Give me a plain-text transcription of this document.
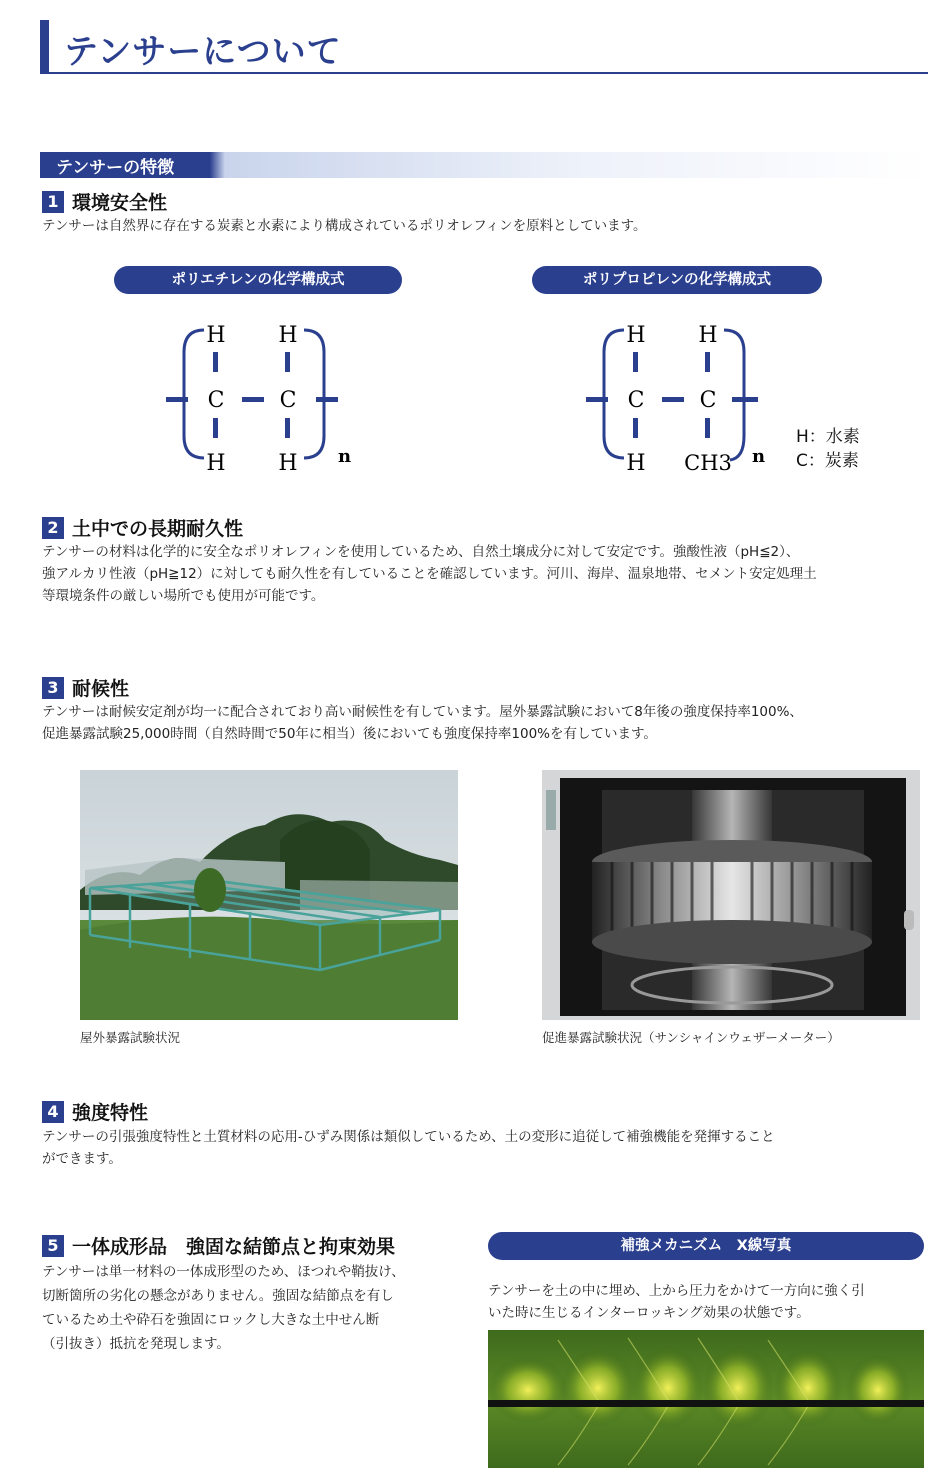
テンサーについて
テンサーの特徴
1 環境安全性
テンサーは自然界に存在する炭素と水素により構成されているポリオレフィンを原料としています。
ポリエチレンの化学構成式	ポリプロピレンの化学構成式
H H
C	C
H H n
H H
C	C
H CH3 n
H：水素
C：炭素
2 土中での長期耐久性
テンサーの材料は化学的に安全なポリオレフィンを使用しているため、自然土壌成分に対して安定です。強酸性液（pH≦2）、
強アルカリ性液（pH≧12）に対しても耐久性を有していることを確認しています。河川、海岸、温泉地帯、セメント安定処理土
等環境条件の厳しい場所でも使用が可能です。
3 耐候性
テンサーは耐候安定剤が均一に配合されており高い耐候性を有しています。屋外暴露試験において8年後の強度保持率100%、
促進暴露試験25,000時間（自然時間で50年に相当）後においても強度保持率100%を有しています。
屋外暴露試験状況	促進暴露試験状況（サンシャインウェザーメーター）
4 強度特性
テンサーの引張強度特性と土質材料の応用-ひずみ関係は類似しているため、土の変形に追従して補強機能を発揮すること
ができます。
5 一体成形品　強固な結節点と拘束効果
テンサーは単一材料の一体成形型のため、ほつれや鞘抜け、
切断箇所の劣化の懸念がありません。強固な結節点を有し
ているため土や砕石を強固にロックし大きな土中せん断
（引抜き）抵抗を発現します。
補強メカニズム　X線写真
テンサーを土の中に埋め、上から圧力をかけて一方向に強く引
いた時に生じるインターロッキング効果の状態です。
